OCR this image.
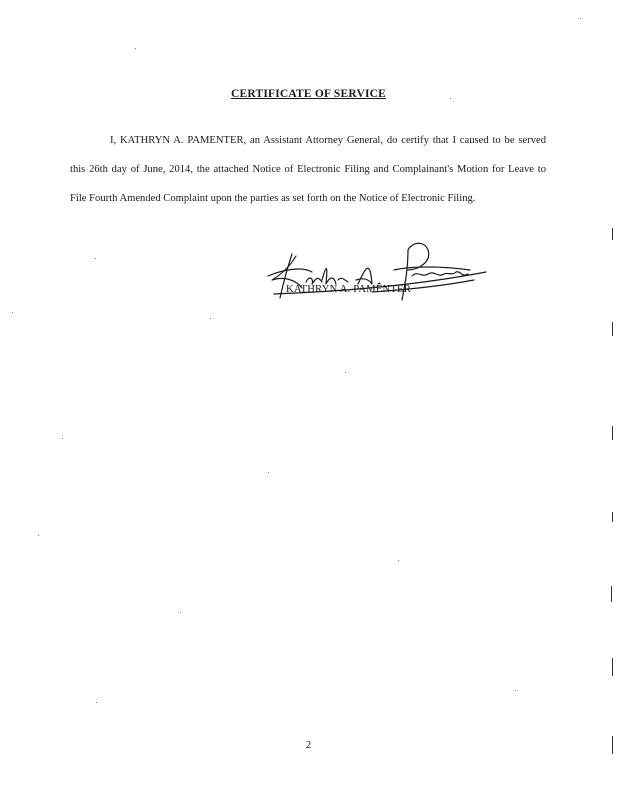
CERTIFICATE OF SERVICE
I, KATHRYN A. PAMENTER, an Assistant Attorney General, do certify that I caused to be served this 26th day of June, 2014, the attached Notice of Electronic Filing and Complainant's Motion for Leave to File Fourth Amended Complaint upon the parties as set forth on the Notice of Electronic Filing.
KATHRYN A. PAMENTER
2
